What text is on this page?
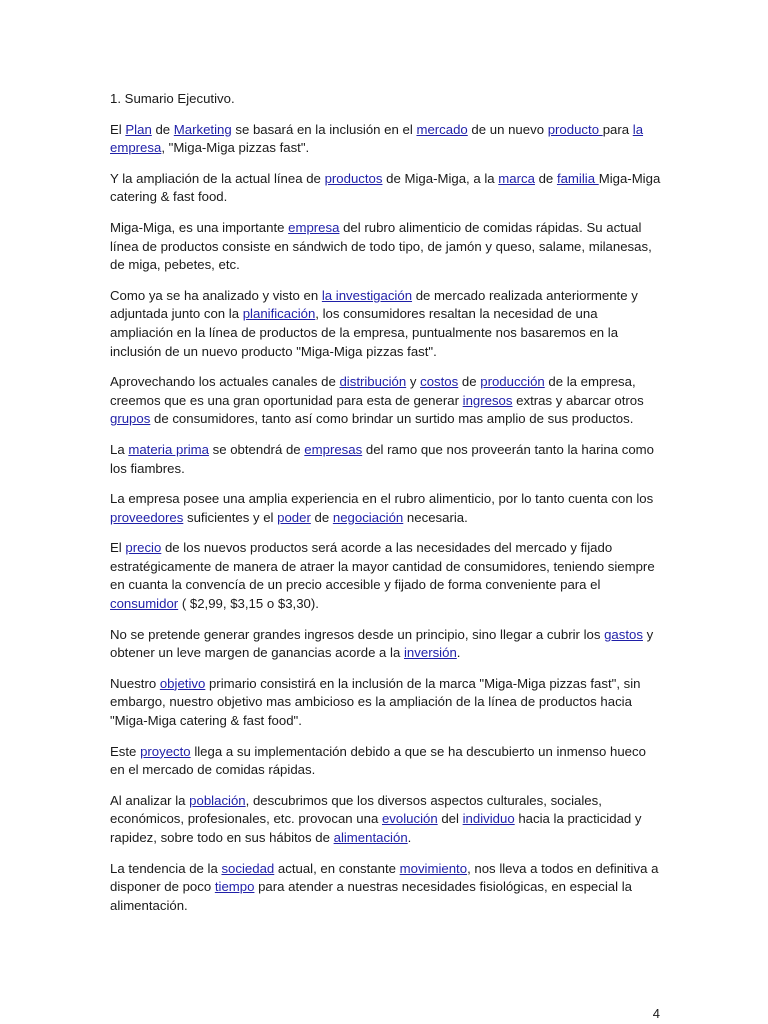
1. Sumario Ejecutivo.

El Plan de Marketing se basará en la inclusión en el mercado de un nuevo producto para la empresa, "Miga-Miga pizzas fast".

Y la ampliación de la actual línea de productos de Miga-Miga, a la marca de familia Miga-Miga catering & fast food.

Miga-Miga, es una importante empresa del rubro alimenticio de comidas rápidas. Su actual línea de productos consiste en sándwich de todo tipo, de jamón y queso, salame, milanesas, de miga, pebetes, etc.

Como ya se ha analizado y visto en la investigación de mercado realizada anteriormente y adjuntada junto con la planificación, los consumidores resaltan la necesidad de una ampliación en la línea de productos de la empresa, puntualmente nos basaremos en la inclusión de un nuevo producto "Miga-Miga pizzas fast".

Aprovechando los actuales canales de distribución y costos de producción de la empresa, creemos que es una gran oportunidad para esta de generar ingresos extras y abarcar otros grupos de consumidores, tanto así como brindar un surtido mas amplio de sus productos.

La materia prima se obtendrá de empresas del ramo que nos proveerán tanto la harina como los fiambres.

La empresa posee una amplia experiencia en el rubro alimenticio, por lo tanto cuenta con los proveedores suficientes y el poder de negociación necesaria.

El precio de los nuevos productos será acorde a las necesidades del mercado y fijado estratégicamente de manera de atraer la mayor cantidad de consumidores, teniendo siempre en cuanta la convencía de un precio accesible y fijado de forma conveniente para el consumidor ( $2,99, $3,15 o $3,30).

No se pretende generar grandes ingresos desde un principio, sino llegar a cubrir los gastos y obtener un leve margen de ganancias acorde a la inversión.

Nuestro objetivo primario consistirá en la inclusión de la marca "Miga-Miga pizzas fast", sin embargo, nuestro objetivo mas ambicioso es la ampliación de la línea de productos hacia "Miga-Miga catering & fast food".

Este proyecto llega a su implementación debido a que se ha descubierto un inmenso hueco en el mercado de comidas rápidas.

Al analizar la población, descubrimos que los diversos aspectos culturales, sociales, económicos, profesionales, etc. provocan una evolución del individuo hacia la practicidad y rapidez, sobre todo en sus hábitos de alimentación.

La tendencia de la sociedad actual, en constante movimiento, nos lleva a todos en definitiva a disponer de poco tiempo para atender a nuestras necesidades fisiológicas, en especial la alimentación.

4
